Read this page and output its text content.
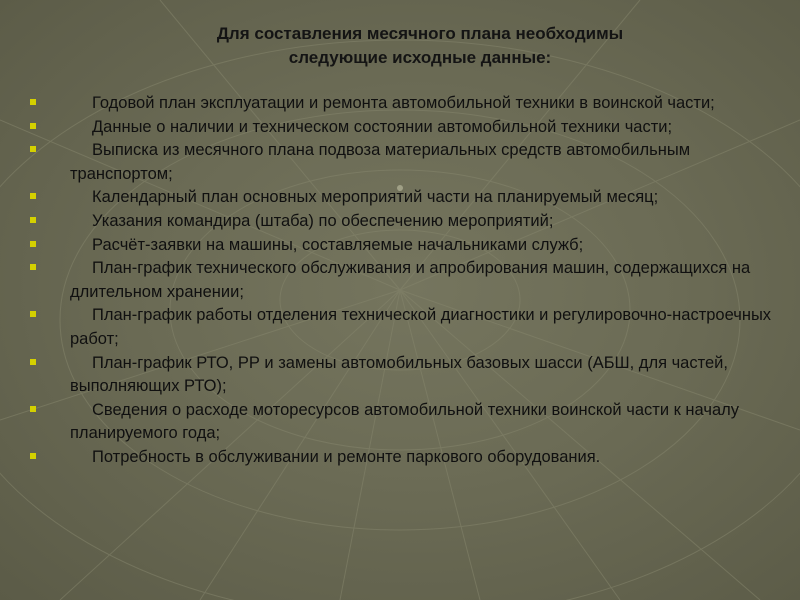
Для составления месячного плана необходимы
следующие исходные данные:
Годовой план эксплуатации и ремонта автомобильной техники в воинской части;
Данные о наличии и техническом состоянии автомобильной техники части;
Выписка из месячного плана подвоза материальных средств автомобильным транспортом;
Календарный план основных мероприятий части на планируемый месяц;
Указания командира (штаба) по обеспечению мероприятий;
Расчёт-заявки на машины, составляемые начальниками служб;
План-график технического обслуживания и апробирования машин, содержащихся на длительном хранении;
План-график работы отделения технической диагностики и регулировочно-настроечных работ;
План-график РТО, РР и замены автомобильных базовых шасси (АБШ, для частей, выполняющих РТО);
Сведения о расходе моторесурсов автомобильной техники воинской части к началу планируемого года;
Потребность в обслуживании и ремонте паркового оборудования.
